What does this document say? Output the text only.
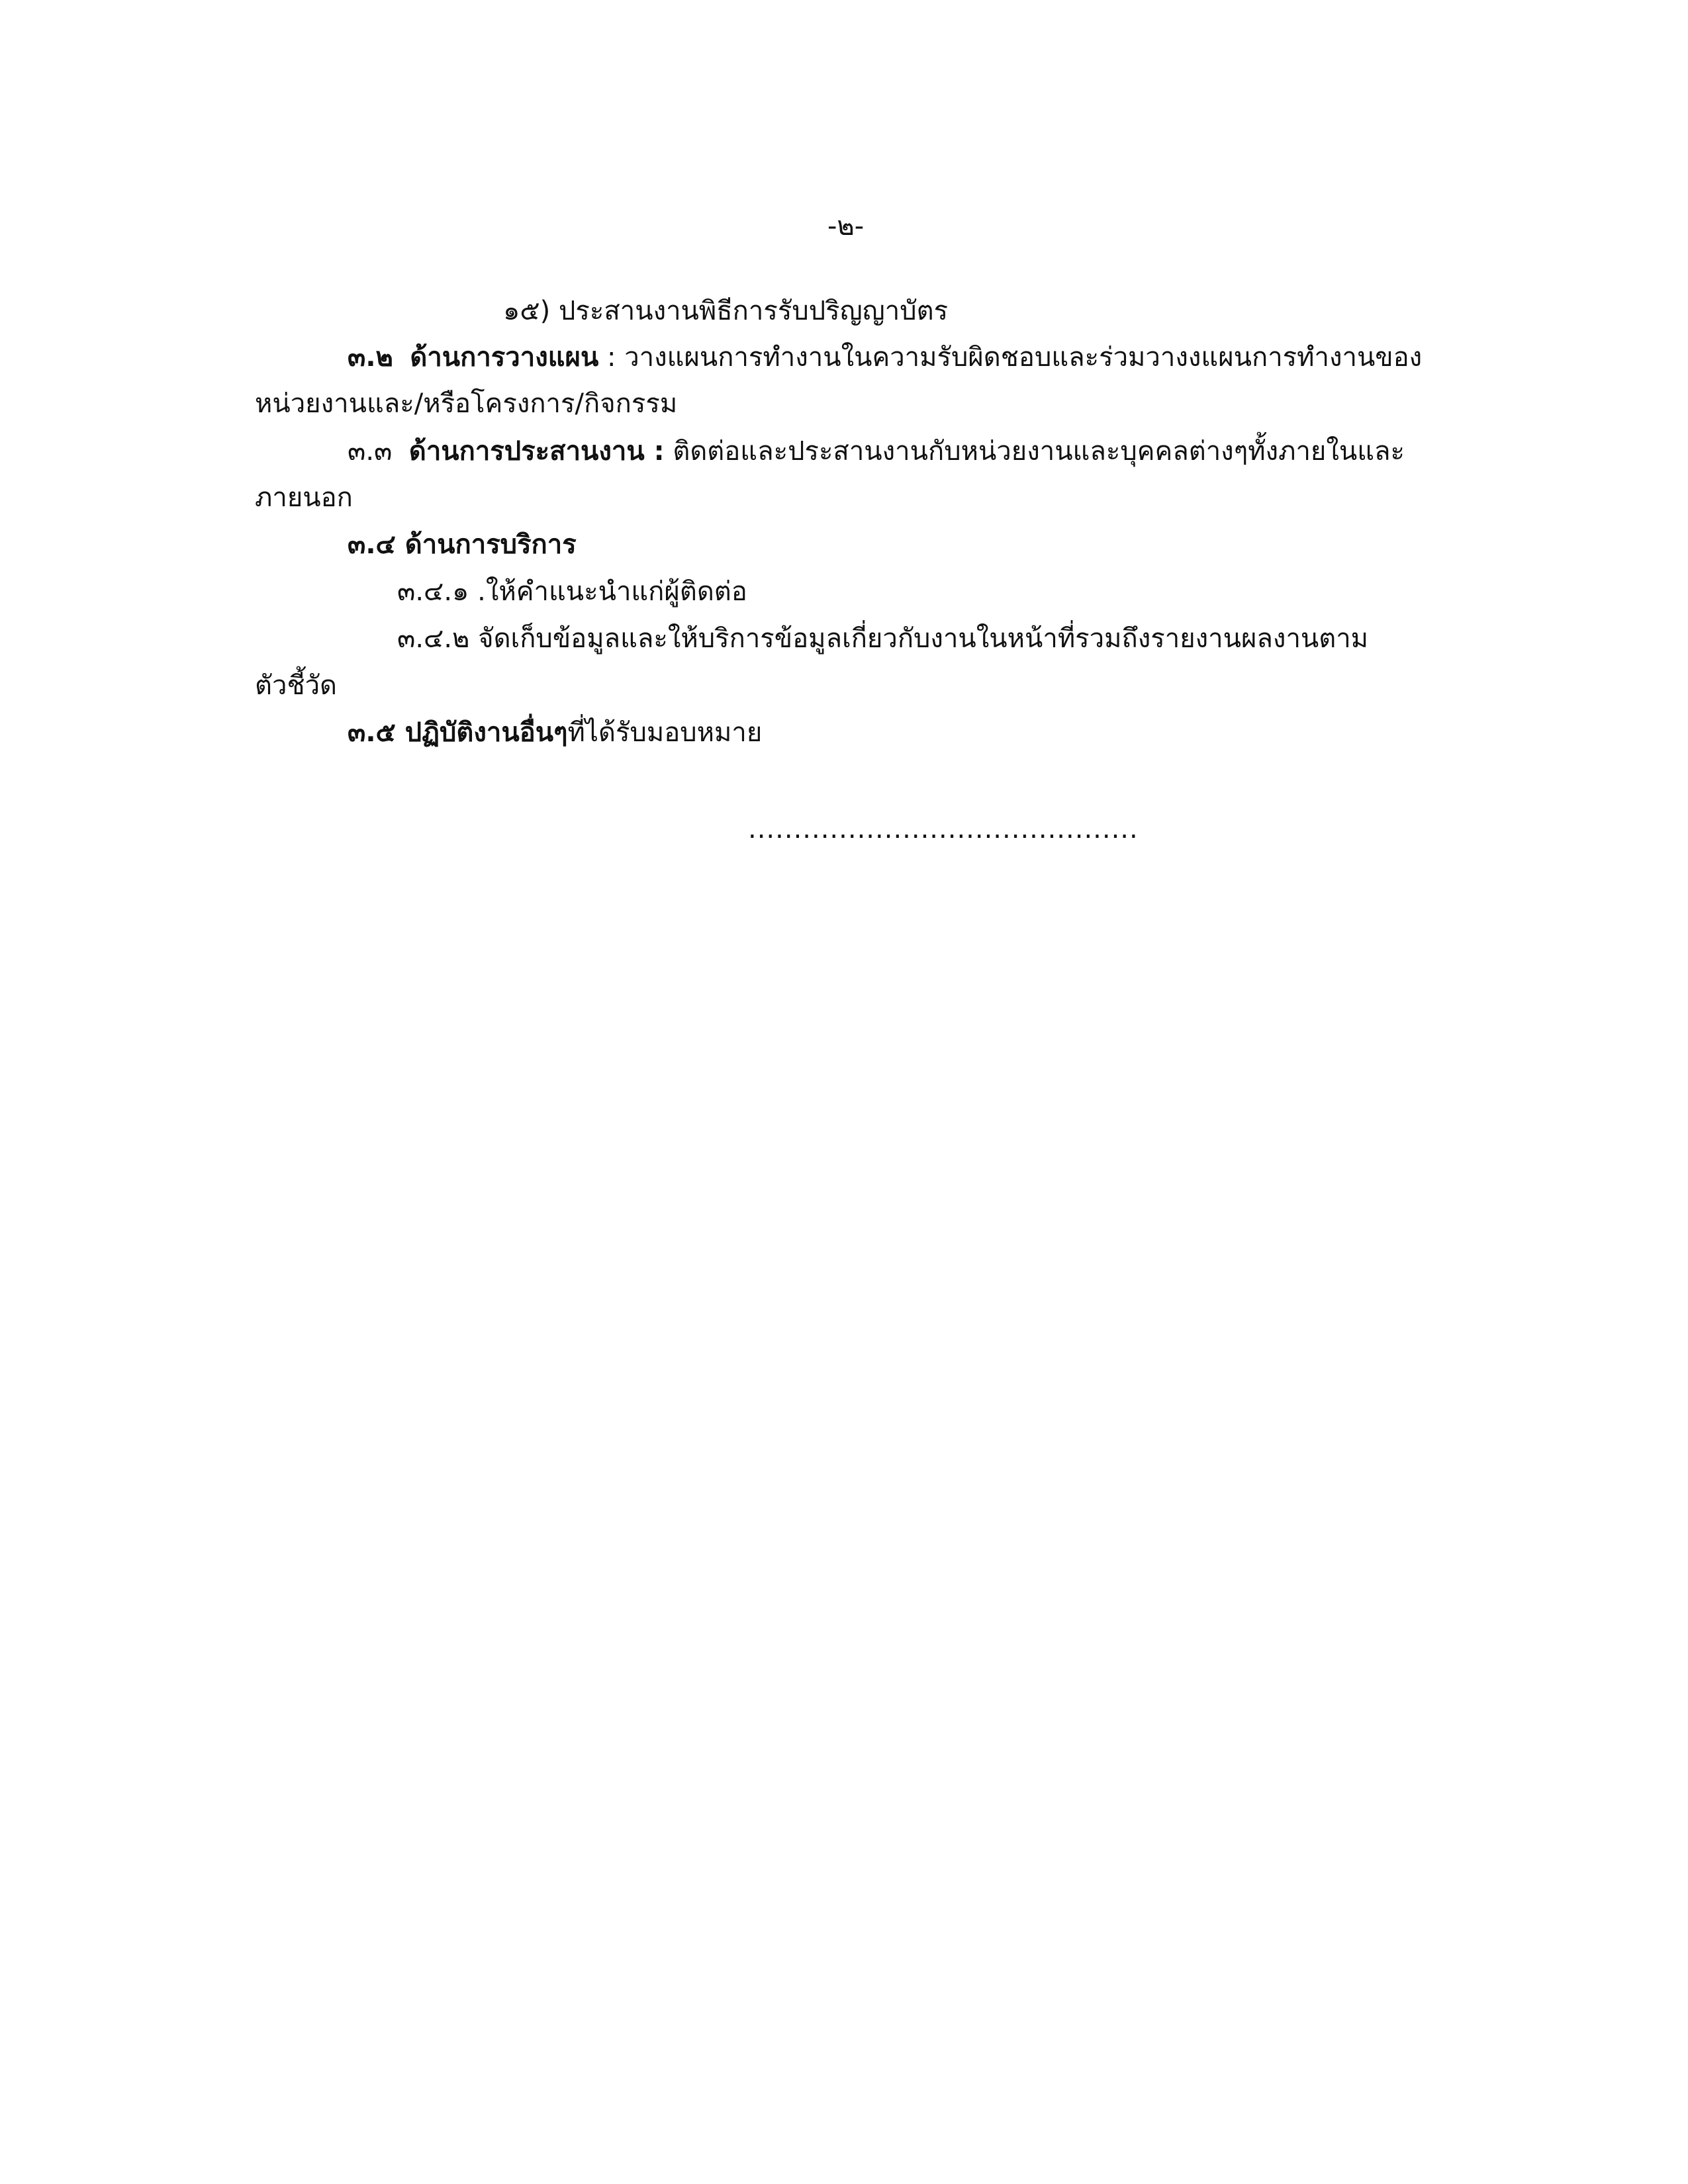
-๒-
๑๕) ประสานงานพิธีการรับปริญญาบัตร
๓.๒ ด้านการวางแผน : วางแผนการทำงานในความรับผิดชอบและร่วมวางงแผนการทำงานของ
หน่วยงานและ/หรือโครงการ/กิจกรรม
๓.๓ ด้านการประสานงาน : ติดต่อและประสานงานกับหน่วยงานและบุคคลต่างๆทั้งภายในและ
ภายนอก
๓.๔ ด้านการบริการ
๓.๔.๑ .ให้คำแนะนำแก่ผู้ติดต่อ
๓.๔.๒ จัดเก็บข้อมูลและให้บริการข้อมูลเกี่ยวกับงานในหน้าที่รวมถึงรายงานผลงานตาม
ตัวชี้วัด
๓.๕ ปฏิบัติงานอื่นๆที่ได้รับมอบหมาย
...........................................
